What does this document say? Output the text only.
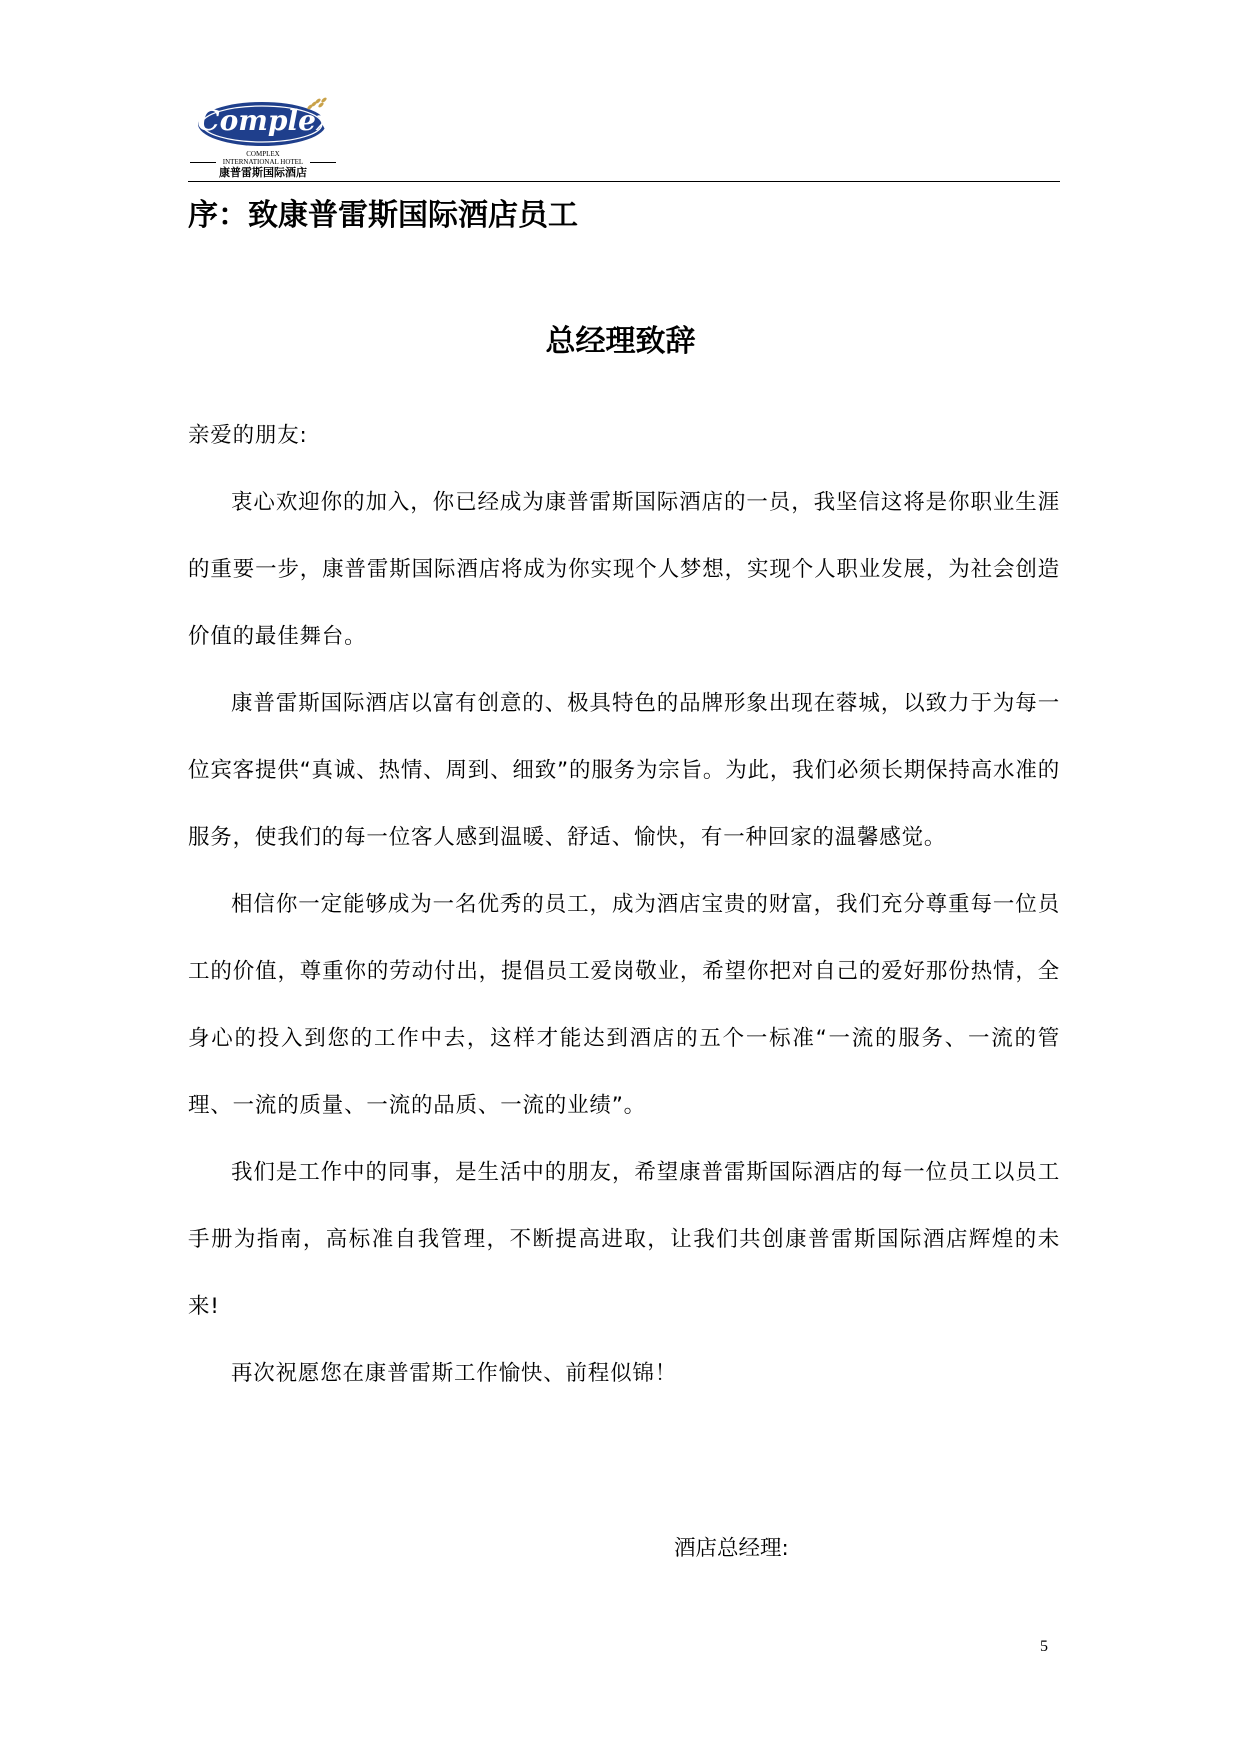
Complex
COMPLEX
INTERNATIONAL HOTEL
康普雷斯国际酒店
序：致康普雷斯国际酒店员工
总经理致辞

亲爱的朋友:

衷心欢迎你的加入，你已经成为康普雷斯国际酒店的一员，我坚信这将是你职业生涯的重要一步，康普雷斯国际酒店将成为你实现个人梦想，实现个人职业发展，为社会创造价值的最佳舞台。

康普雷斯国际酒店以富有创意的、极具特色的品牌形象出现在蓉城，以致力于为每一位宾客提供“真诚、热情、周到、细致”的服务为宗旨。为此，我们必须长期保持高水准的服务，使我们的每一位客人感到温暖、舒适、愉快，有一种回家的温馨感觉。

相信你一定能够成为一名优秀的员工，成为酒店宝贵的财富，我们充分尊重每一位员工的价值，尊重你的劳动付出，提倡员工爱岗敬业，希望你把对自己的爱好那份热情，全身心的投入到您的工作中去，这样才能达到酒店的五个一标准“一流的服务、一流的管理、一流的质量、一流的品质、一流的业绩”。

我们是工作中的同事，是生活中的朋友，希望康普雷斯国际酒店的每一位员工以员工手册为指南，高标准自我管理，不断提高进取，让我们共创康普雷斯国际酒店辉煌的未来!

再次祝愿您在康普雷斯工作愉快、前程似锦！

酒店总经理:
5
